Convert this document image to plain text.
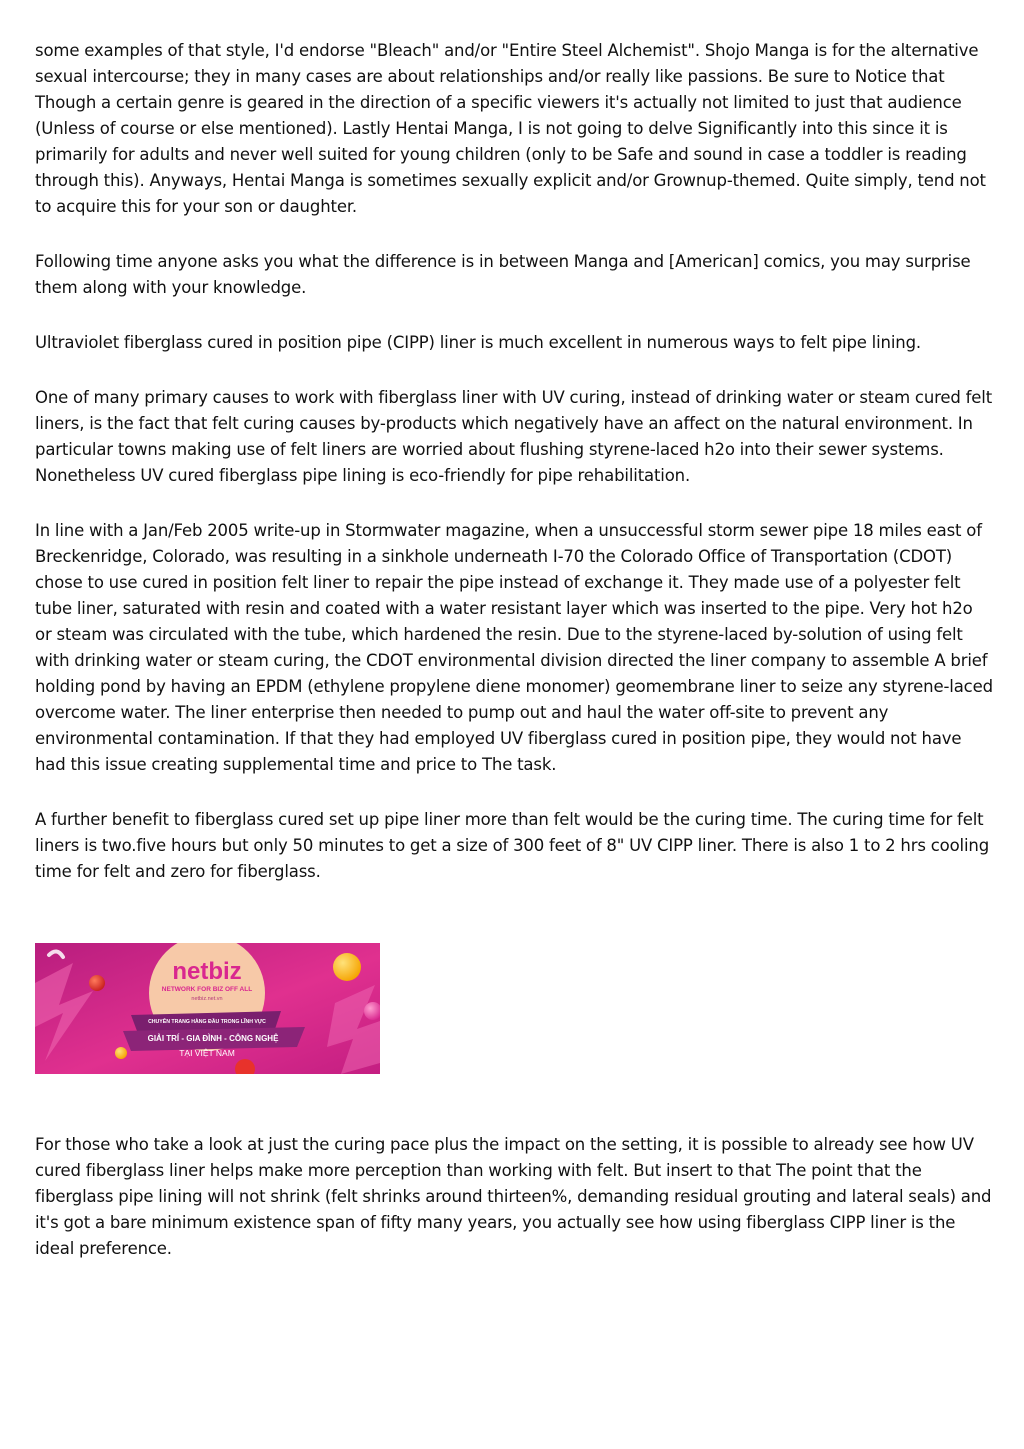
some examples of that style, I'd endorse "Bleach" and/or "Entire Steel Alchemist". Shojo Manga is for the alternative sexual intercourse; they in many cases are about relationships and/or really like passions. Be sure to Notice that Though a certain genre is geared in the direction of a specific viewers it's actually not limited to just that audience (Unless of course or else mentioned). Lastly Hentai Manga, I is not going to delve Significantly into this since it is primarily for adults and never well suited for young children (only to be Safe and sound in case a toddler is reading through this). Anyways, Hentai Manga is sometimes sexually explicit and/or Grownup-themed. Quite simply, tend not to acquire this for your son or daughter.

Following time anyone asks you what the difference is in between Manga and [American] comics, you may surprise them along with your knowledge.

Ultraviolet fiberglass cured in position pipe (CIPP) liner is much excellent in numerous ways to felt pipe lining.

One of many primary causes to work with fiberglass liner with UV curing, instead of drinking water or steam cured felt liners, is the fact that felt curing causes by-products which negatively have an affect on the natural environment. In particular towns making use of felt liners are worried about flushing styrene-laced h2o into their sewer systems. Nonetheless UV cured fiberglass pipe lining is eco-friendly for pipe rehabilitation.

In line with a Jan/Feb 2005 write-up in Stormwater magazine, when a unsuccessful storm sewer pipe 18 miles east of Breckenridge, Colorado, was resulting in a sinkhole underneath I-70 the Colorado Office of Transportation (CDOT) chose to use cured in position felt liner to repair the pipe instead of exchange it. They made use of a polyester felt tube liner, saturated with resin and coated with a water resistant layer which was inserted to the pipe. Very hot h2o or steam was circulated with the tube, which hardened the resin. Due to the styrene-laced by-solution of using felt with drinking water or steam curing, the CDOT environmental division directed the liner company to assemble A brief holding pond by having an EPDM (ethylene propylene diene monomer) geomembrane liner to seize any styrene-laced overcome water. The liner enterprise then needed to pump out and haul the water off-site to prevent any environmental contamination. If that they had employed UV fiberglass cured in position pipe, they would not have had this issue creating supplemental time and price to The task.

A further benefit to fiberglass cured set up pipe liner more than felt would be the curing time. The curing time for felt liners is two.five hours but only 50 minutes to get a size of 300 feet of 8" UV CIPP liner. There is also 1 to 2 hrs cooling time for felt and zero for fiberglass.

netbiz
NETWORK FOR BIZ OFF ALL
netbiz.net.vn
CHUYÊN TRANG HÀNG ĐẦU TRONG LĨNH VỰC
GIẢI TRÍ - GIA ĐÌNH - CÔNG NGHỆ
TẠI VIỆT NAM

For those who take a look at just the curing pace plus the impact on the setting, it is possible to already see how UV cured fiberglass liner helps make more perception than working with felt. But insert to that The point that the fiberglass pipe lining will not shrink (felt shrinks around thirteen%, demanding residual grouting and lateral seals) and it's got a bare minimum existence span of fifty many years, you actually see how using fiberglass CIPP liner is the ideal preference.
